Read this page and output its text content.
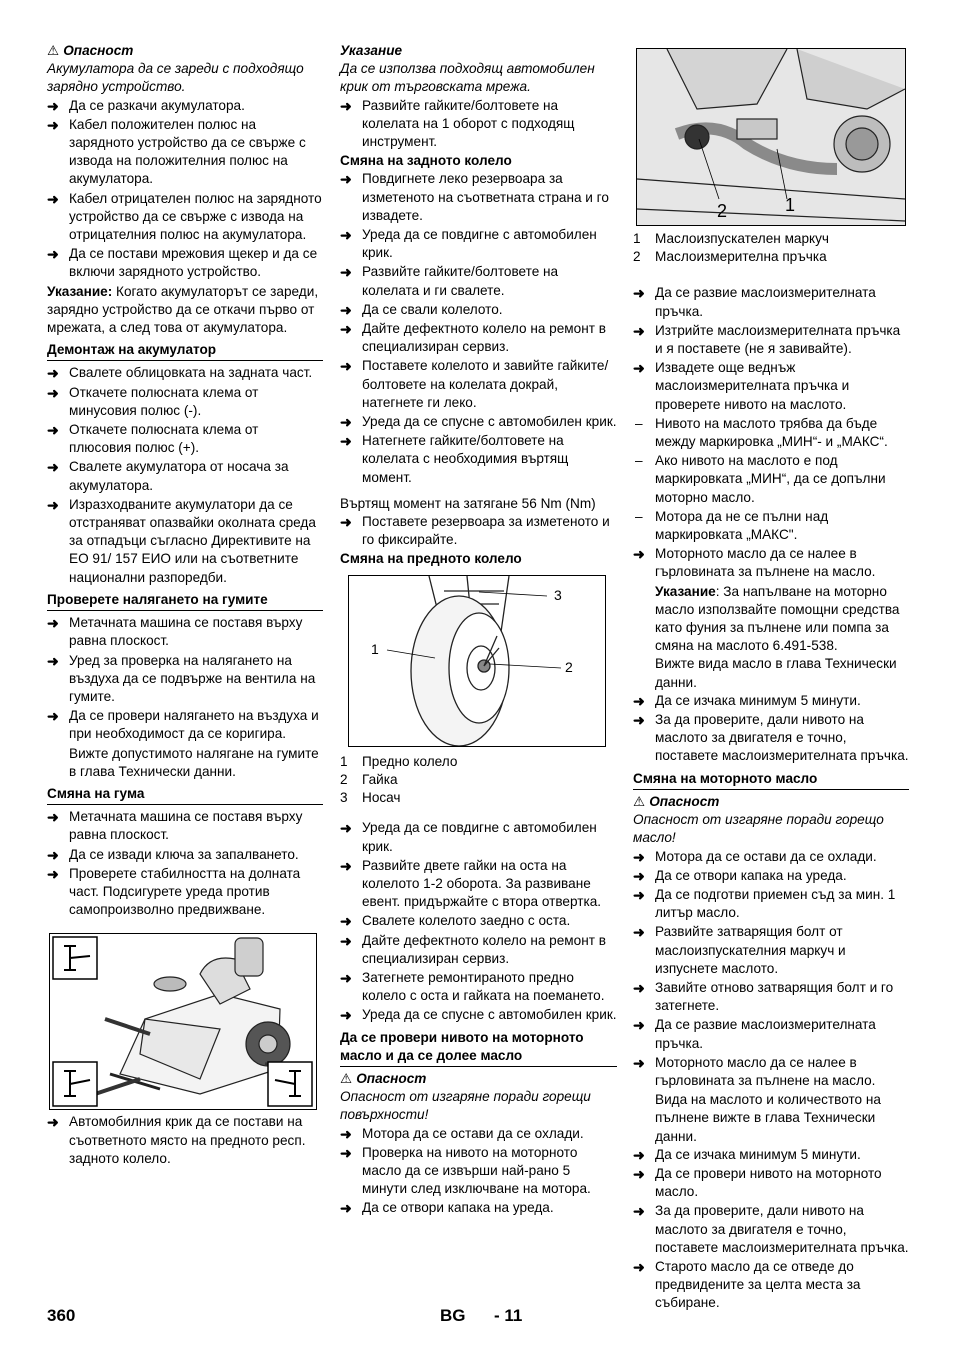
⚠ Опасност

Акумулатора да се зареди с подходящо зарядно устройство.

➜ Да се разкачи акумулатора.

➜ Кабел положителен полюс на зарядното устройство да се свърже с изводa на положителния полюс на акумулатора.

➜ Кабел отрицателен полюс на зарядното устройство да се свърже с извода на отрицателния полюс на акумулатора.

➜ Да се постави мрежовия щекер и да се включи зарядното устройство.

Указание: Когато акумулаторът се зареди, зарядно устройство да се откачи първо от мрежата, а след това от акумулатора.

Демонтаж на акумулатор

➜ Свалете облицовката на задната част.

➜ Откачете полюсната клема от минусовия полюс (-).

➜ Откачете полюсната клема от плюсовия полюс (+).

➜ Свалете акумулатора от носача за акумулатора.

➜ Изразходваните акумулатори да се отстраняват опазвайки околната среда за отпадъци съгласно Директивите на ЕО 91/ 157 ЕИО или на съответните национални разпоредби.

Проверете налягането на гумите

➜ Метачната машина се поставя върху равна плоскост.

➜ Уред за проверка на налягането на въздуха да се подвърже на вентила на гумите.

➜ Да се провери налягането на въздуха и при необходимост да се коригира.

Вижте допустимото налягане на гумите в глава Технически данни.

Смяна на гума

➜ Метачната машина се поставя върху равна плоскост.

➜ Да се извади ключа за запалването.

➜ Проверете стабилността на долната част. Подсигурете уреда против самопроизволно предвижване.

➜ Автомобилния крик да се постави на съответното място на предното респ. задното колело.

Указание

Да се използва подходящ автомобилен крик от търговската мрежа.

➜ Развийте гайките/болтовете на колелата на 1 оборот с подходящ инструмент.

Смяна на задното колело

➜ Повдигнете леко резервоара за изметеното на съответната страна и го извадете.

➜ Уреда да се повдигне с автомобилен крик.

➜ Развийте гайките/болтовете на колелата и ги свалете.

➜ Да се свали колелото.

➜ Дайте дефектното колело на ремонт в специализиран сервиз.

➜ Поставете колелото и завийте гайките/болтовете на колелата докрай, натегнете ги леко.

➜ Уреда да се спусне с автомобилен крик.

➜ Натегнете гайките/болтовете на колелата с необходимия въртящ момент.

Въртящ момент на затягане 56 Nm (Nm)

➜ Поставете резервоара за изметеното и го фиксирайте.

Смяна на предното колело

1
2
3
1	Предно колело
2	Гайка
3	Носач

➜ Уреда да се повдигне с автомобилен крик.

➜ Развийте двете гайки на оста на колелото 1-2 оборота. За развиване евент. придържайте с втора отвертка.

➜ Свалете колелото заедно с оста.

➜ Дайте дефектното колело на ремонт в специализиран сервиз.

➜ Затегнете ремонтираното предно колело с оста и гайката на поемането.

➜ Уреда да се спусне с автомобилен крик.

Да се провери нивото на моторното масло и да се долее масло

⚠ Опасност

Опасност от изгаряне поради горещи повърхности!

➜ Мотора да се остави да се охлади.

➜ Проверка на нивото на моторното масло да се извърши най-рано 5 минути след изключване на мотора.

➜ Да се отвори капака на уреда.

2	1
1	Маслоизпускателен маркуч
2	Маслоизмерителна пръчка

➜ Да се развие маслоизмерителната пръчка.

➜ Изтрийте маслоизмерителната пръчка и я поставете (не я завивайте).

➜ Извадете още веднъж маслоизмерителната пръчка и проверете нивото на маслото.

– Нивото на маслото трябва да бъде между маркировка „МИН“- и „МАКС“.

– Ако нивото на маслото е под маркировката „МИН“, да се допълни моторно масло.

– Мотора да не се пълни над маркировката „МАКС".

➜ Моторното масло да се налее в гърловината за пълнене на масло.

Указание: За напълване на моторно масло използвайте помощни средства като фуния за пълнене или помпа за смяна на маслото 6.491-538.

Вижте вида масло в глава Технически данни.

➜ Да се изчака минимум 5 минути.

➜ За да проверите, дали нивото на маслото за двигателя е точно, поставете маслоизмерителната пръчка.

Смяна на моторното масло

⚠ Опасност

Опасност от изгаряне поради горещо масло!

➜ Мотора да се остави да се охлади.

➜ Да се отвори капака на уреда.

➜ Да се подготви приемен съд за мин. 1 литър масло.

➜ Развийте затварящия болт от маслоизпускателния маркуч и изпуснете маслото.

➜ Завийте отново затварящия болт и го затегнете.

➜ Да се развие маслоизмерителната пръчка.

➜ Моторното масло да се налее в гърловината за пълнене на масло.

Вида на маслото и количеството на пълнене вижте в глава Технически данни.

➜ Да се изчака минимум 5 минути.

➜ Да се провери нивото на моторното масло.

➜ За да проверите, дали нивото на маслото за двигателя е точно, поставете маслоизмерителната пръчка.

➜ Старото масло да се отведе до предвидените за целта места за събиране.

360	BG - 11
